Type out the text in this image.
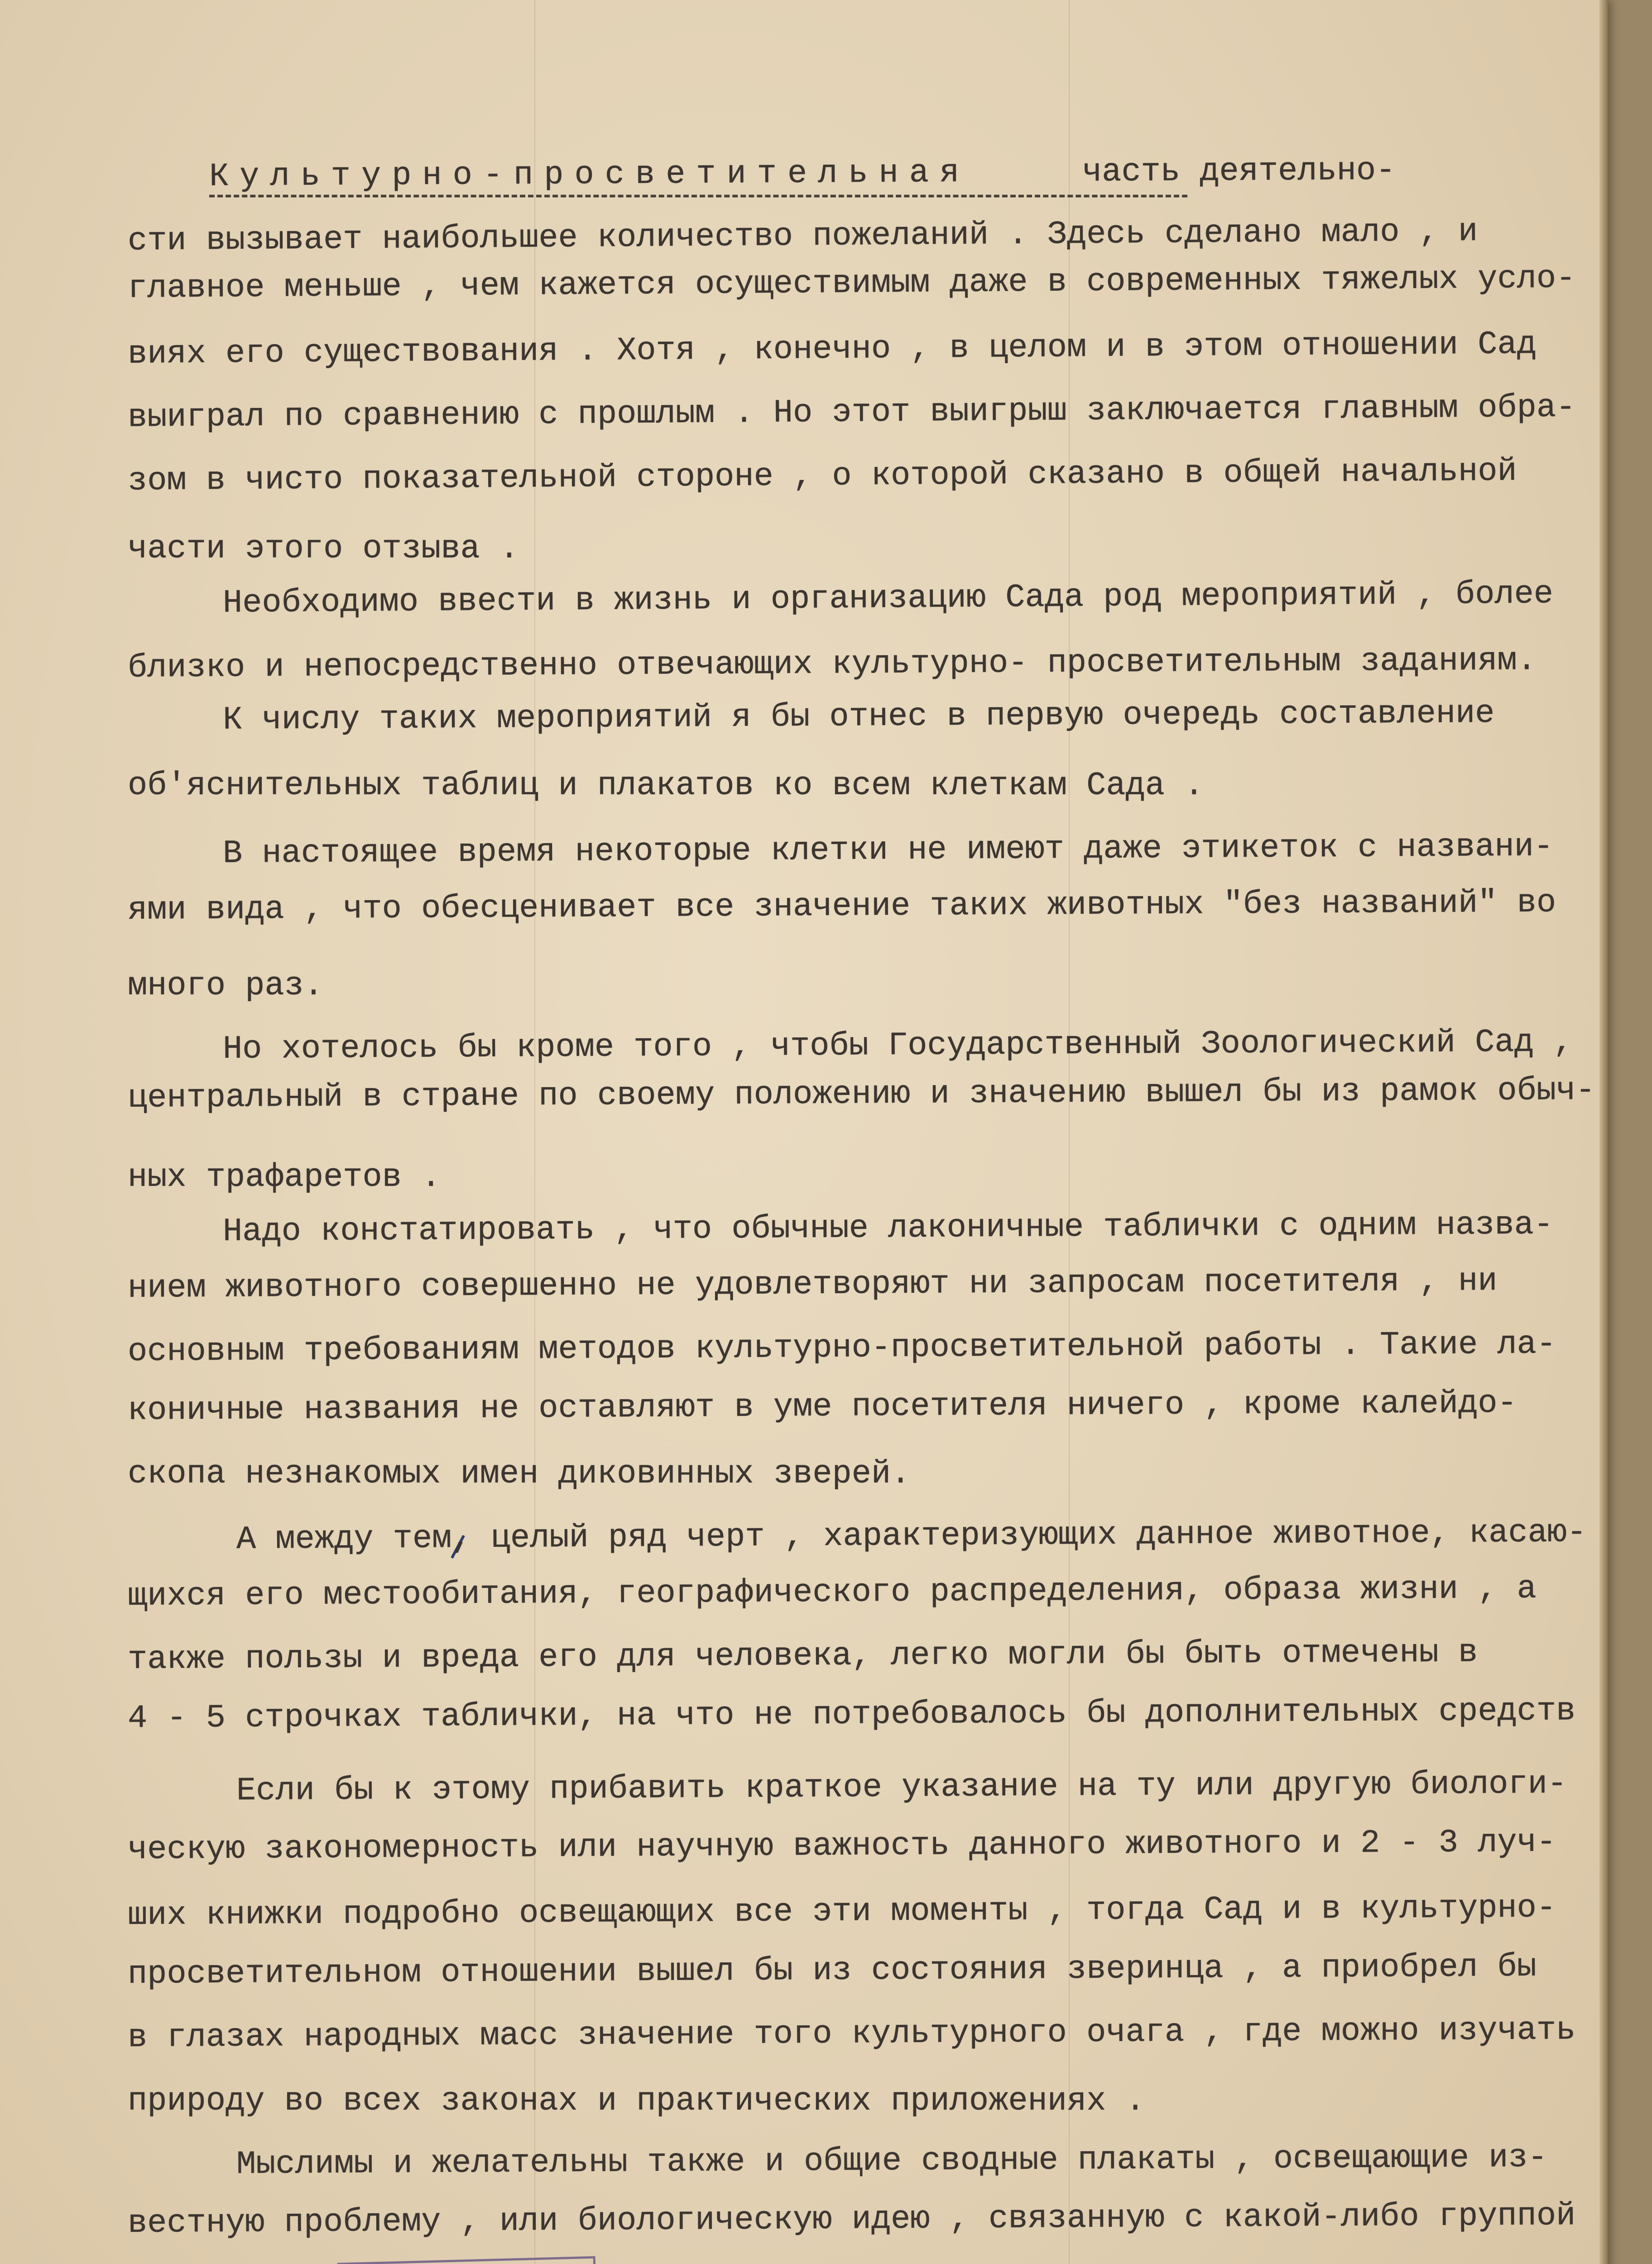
Культурно-просветительная	часть деятельно-

сти вызывает наибольшее количество пожеланий . Здесь сделано мало , и

главное меньше , чем кажется осуществимым даже в современных тяжелых усло-

виях его существования . Хотя , конечно , в целом и в этом отношении Сад

выиграл по сравнению с прошлым . Но этот выигрыш заключается главным обра-

зом в чисто показательной стороне , о которой сказано в общей начальной

части этого отзыва .

Необходимо ввести в жизнь и организацию Сада род мероприятий , более

близко и непосредственно отвечающих культурно- просветительным заданиям.

К числу таких мероприятий я бы отнес в первую очередь составление

об'яснительных таблиц и плакатов ко всем клеткам Сада .

В настоящее время некоторые клетки не имеют даже этикеток с названи-

ями вида , что обесценивает все значение таких животных "без названий" во

много раз.

Но хотелось бы кроме того , чтобы Государственный Зоологический Сад ,

центральный в стране по своему положению и значению вышел бы из рамок обыч-

ных трафаретов .

Надо констатировать , что обычные лаконичные таблички с одним назва-

нием животного совершенно не удовлетворяют ни запросам посетителя , ни

основным требованиям методов культурно-просветительной работы . Такие ла-

коничные названия не оставляют в уме посетителя ничего , кроме калейдо-

скопа незнакомых имен диковинных зверей.

А между тем, целый ряд черт , характеризующих данное животное, касаю-

щихся его местообитания, географического распределения, образа жизни , а

также пользы и вреда его для человека, легко могли бы быть отмечены в

4 - 5 строчках таблички, на что не потребовалось бы дополнительных средств

Если бы к этому прибавить краткое указание на ту или другую биологи-

ческую закономерность или научную важность данного животного и 2 - 3 луч-

ших книжки подробно освещающих все эти моменты , тогда Сад и в культурно-

просветительном отношении вышел бы из состояния зверинца , а приобрел бы

в глазах народных масс значение того культурного очага , где можно изучать

природу во всех законах и практических приложениях .

Мыслимы и желательны также и общие сводные плакаты , освещающие из-

вестную проблему , или биологическую идею , связанную с какой-либо группой
